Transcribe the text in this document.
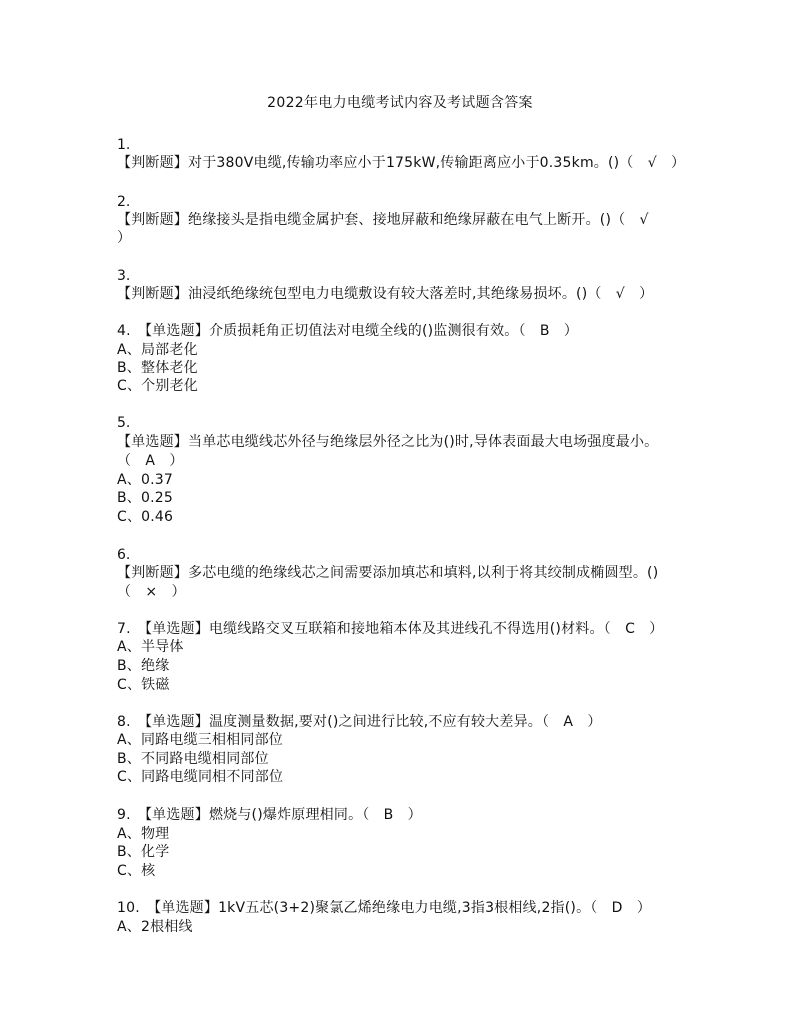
2022年电力电缆考试内容及考试题含答案
1.
【判断题】对于380V电缆,传输功率应小于175kW,传输距离应小于0.35km。()（　√　）
2.
【判断题】绝缘接头是指电缆金属护套、接地屏蔽和绝缘屏蔽在电气上断开。()（　√
）
3.
【判断题】油浸纸绝缘统包型电力电缆敷设有较大落差时,其绝缘易损坏。()（　√　）
4.　【单选题】介质损耗角正切值法对电缆全线的()监测很有效。（　B　）
A、局部老化
B、整体老化
C、个别老化
5.
【单选题】当单芯电缆线芯外径与绝缘层外径之比为()时,导体表面最大电场强度最小。
（　A　）
A、0.37
B、0.25
C、0.46
6.
【判断题】多芯电缆的绝缘线芯之间需要添加填芯和填料,以利于将其绞制成椭圆型。()
（　×　）
7.　【单选题】电缆线路交叉互联箱和接地箱本体及其进线孔不得选用()材料。（　C　）
A、半导体
B、绝缘
C、铁磁
8.　【单选题】温度测量数据,要对()之间进行比较,不应有较大差异。（　A　）
A、同路电缆三相相同部位
B、不同路电缆相同部位
C、同路电缆同相不同部位
9.　【单选题】燃烧与()爆炸原理相同。（　B　）
A、物理
B、化学
C、核
10.　【单选题】1kV五芯(3+2)聚氯乙烯绝缘电力电缆,3指3根相线,2指()。（　D　）
A、2根相线
